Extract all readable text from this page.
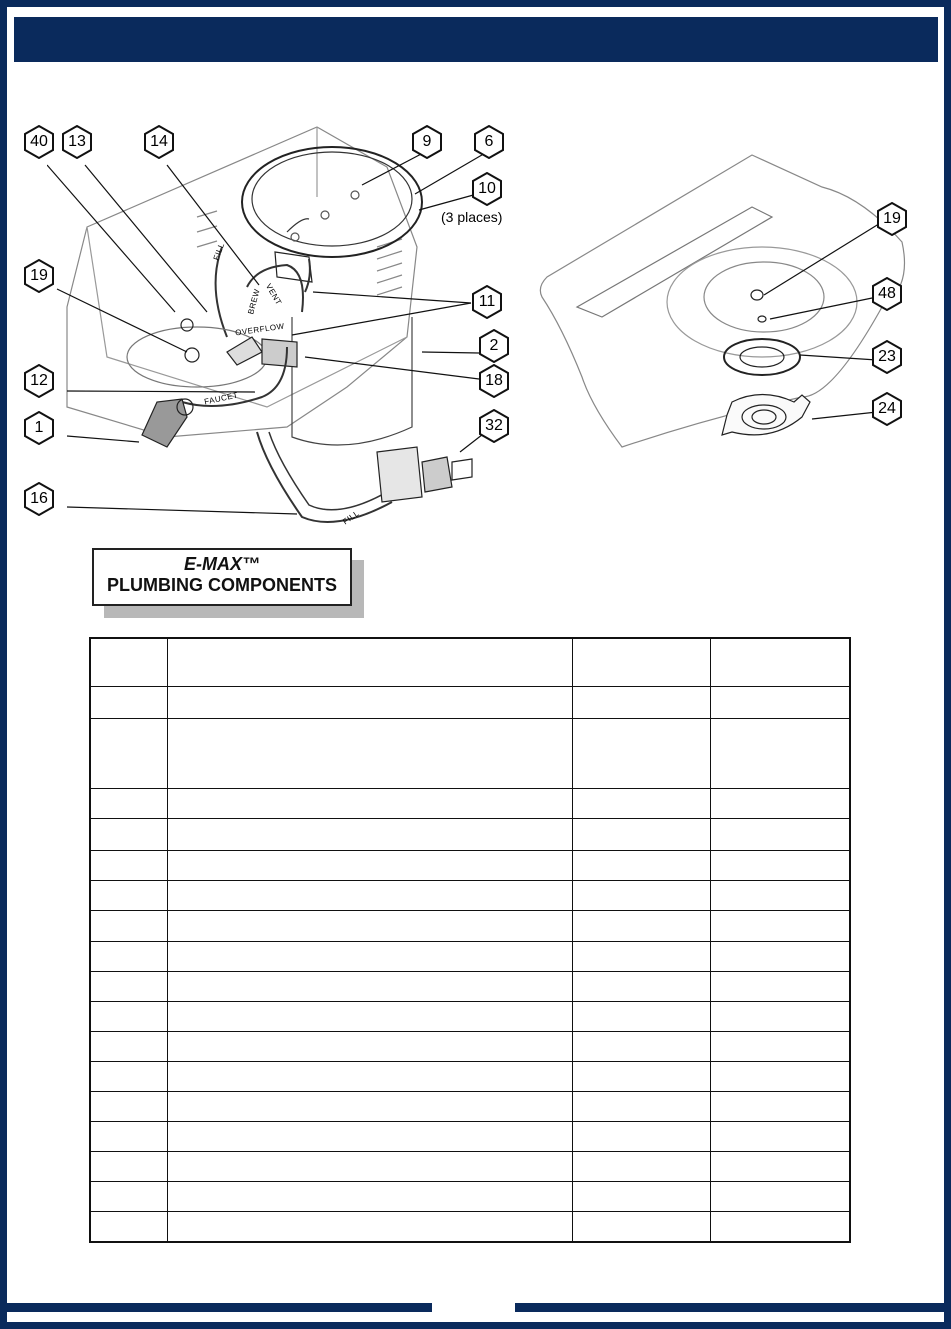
40	13	14	9	6
10
(3 places)
19
11
2
12	18
1	32
16
FILL
BREW VENT
OVERFLOW
FAUCET
FILL
19
48
23
24
E-MAX™
PLUMBING COMPONENTS
